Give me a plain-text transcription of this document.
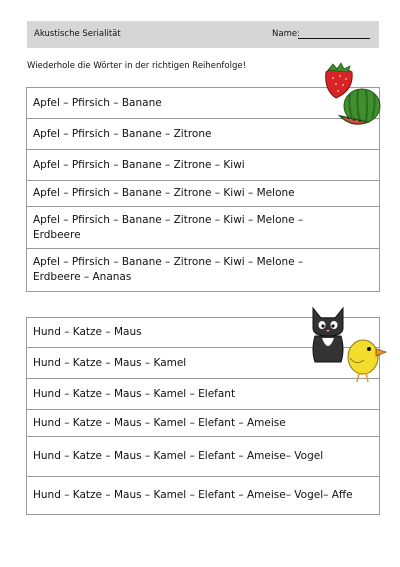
Akustische Serialität	Name:
Wiederhole die Wörter in der richtigen Reihenfolge!
Apfel – Pfirsich – Banane
Apfel – Pfirsich – Banane – Zitrone
Apfel – Pfirsich – Banane – Zitrone – Kiwi
Apfel – Pfirsich – Banane – Zitrone – Kiwi – Melone
Apfel – Pfirsich – Banane – Zitrone – Kiwi – Melone – Erdbeere
Apfel – Pfirsich – Banane – Zitrone – Kiwi – Melone – Erdbeere – Ananas
Hund – Katze – Maus
Hund – Katze – Maus – Kamel
Hund – Katze – Maus – Kamel – Elefant
Hund – Katze – Maus – Kamel – Elefant – Ameise
Hund – Katze – Maus – Kamel – Elefant – Ameise– Vogel
Hund – Katze – Maus – Kamel – Elefant – Ameise– Vogel– Affe
